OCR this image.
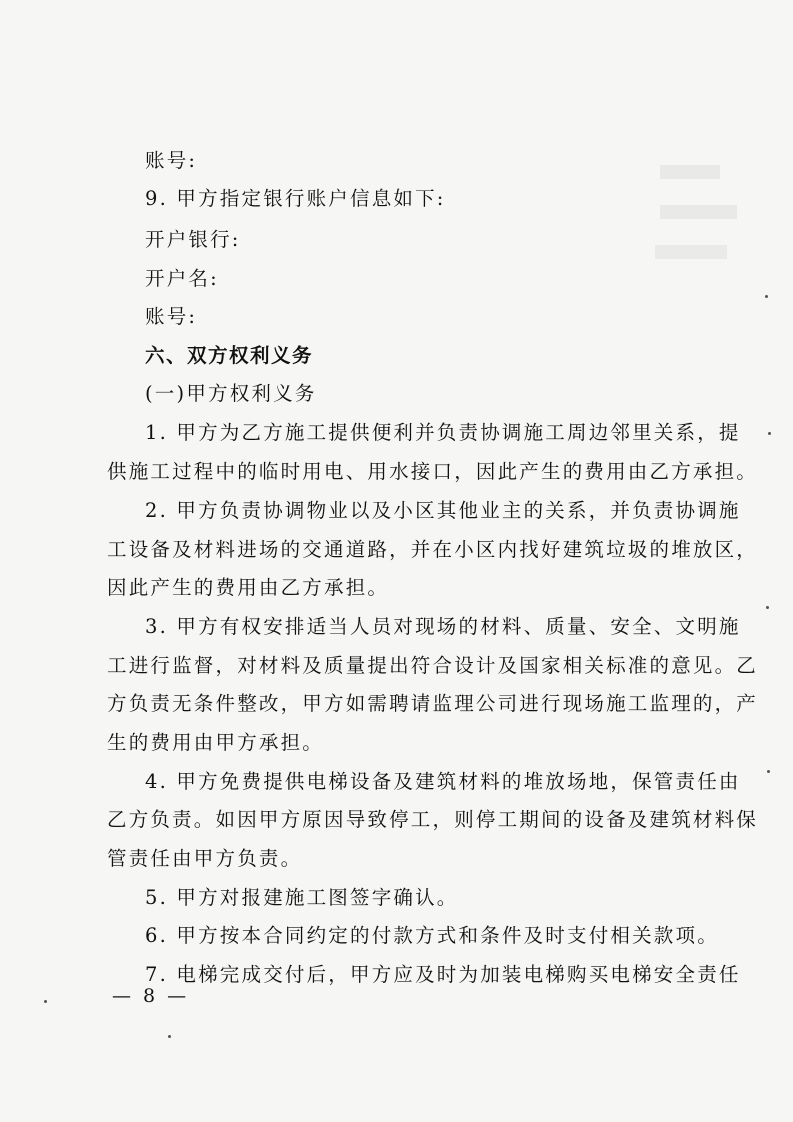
账号:
9. 甲方指定银行账户信息如下:
开户银行:
开户名:
账号:
六、双方权利义务
(一)甲方权利义务
1. 甲方为乙方施工提供便利并负责协调施工周边邻里关系，提
供施工过程中的临时用电、用水接口，因此产生的费用由乙方承担。
2. 甲方负责协调物业以及小区其他业主的关系，并负责协调施
工设备及材料进场的交通道路，并在小区内找好建筑垃圾的堆放区，
因此产生的费用由乙方承担。
3. 甲方有权安排适当人员对现场的材料、质量、安全、文明施
工进行监督，对材料及质量提出符合设计及国家相关标准的意见。乙
方负责无条件整改，甲方如需聘请监理公司进行现场施工监理的，产
生的费用由甲方承担。
4. 甲方免费提供电梯设备及建筑材料的堆放场地，保管责任由
乙方负责。如因甲方原因导致停工，则停工期间的设备及建筑材料保
管责任由甲方负责。
5. 甲方对报建施工图签字确认。
6. 甲方按本合同约定的付款方式和条件及时支付相关款项。
7. 电梯完成交付后，甲方应及时为加装电梯购买电梯安全责任
— 8 —
